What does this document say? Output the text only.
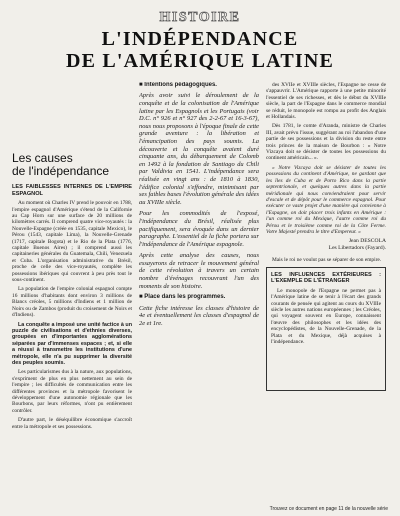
HISTOIRE
L'INDÉPENDANCE
DE L'AMÉRIQUE LATINE
Les causes
de l'indépendance
LES FAIBLESSES INTERNES DE L'EMPIRE ESPAGNOL

Au moment où Charles IV prend le pouvoir en 1788, l'empire espagnol d'Amérique s'étend de la Californie au Cap Horn sur une surface de 20 millions de kilomètres carrés. Il comprend quatre vice-royautés : la Nouvelle-Espagne (créée en 1535, capitale Mexico), le Pérou (1543, capitale Lima), la Nouvelle-Grenade (1717, capitale Bogota) et le Rio de la Plata (1776, capitale Buenos Aires) ; il comprend aussi les capitaineries générales du Guatemala, Chili, Venezuela et Cuba. L'organisation administrative du Brésil, proche de celle des vice-royautés, complète les possessions ibériques qui couvrent à peu près tout le sous-continent.

La population de l'empire colonial espagnol compte 16 millions d'habitants dont environ 3 millions de Blancs créoles, 5 millions d'Indiens et 1 million de Noirs ou de Zambos (produit du croisement de Noirs et d'Indiens).

La conquête a imposé une unité factice à un puzzle de civilisations et d'ethnies diverses, groupées en d'importantes agglomérations séparées par d'immenses espaces ; et, si elle a réussi à transmettre les institutions d'une métropole, elle n'a pu supprimer la diversité des peuples soumis.

Les particularismes dus à la nature, aux populations, s'expriment de plus en plus nettement au sein de l'empire ; les difficultés de communication entre les différentes provinces et la métropole favorisent le développement d'une autonomie régionale que les Bourbons, par leurs réformes, n'ont pu entièrement contrôler.

D'autre part, le déséquilibre économique s'accroît entre la métropole et ses possessions.

■ Intentions pédagogiques.

Après avoir suivi le déroulement de la conquête et de la colonisation de l'Amérique latine par les Espagnols et les Portugais (voir D.C. n° 926 et n° 927 des 2-2-67 et 16-3-67), nous nous proposons à l'époque finale de cette grande aventure : la libération et l'émancipation des pays soumis. La découverte et la conquête avaient duré cinquante ans, du débarquement de Colomb en 1492 à la fondation de Santiago du Chili par Valdivia en 1541. L'indépendance sera réalisée en vingt ans : de 1810 à 1830, l'édifice colonial s'effondre, minimisant par ses faibles bases l'évolution générale des idées au XVIIIe siècle.

Pour les commodités de l'exposé, l'indépendance du Brésil, réalisée plus pacifiquement, sera évoquée dans un dernier paragraphe. L'essentiel de la fiche portera sur l'indépendance de l'Amérique espagnole.

Après cette analyse des causes, nous essayerons de retracer le mouvement général de cette révolution à travers un certain nombre d'événages recouvrant l'un des moments de son histoire.

■ Place dans les programmes.

Cette fiche intéresse les classes d'histoire de 4e et éventuellement les classes d'espagnol de 2e et 1re.

des XVIIe et XVIIIe siècles, l'Espagne ne cesse de s'appauvrir. L'Amérique rapporte à une petite minorité l'essentiel de ses richesses, et dès le début du XVIIIe siècle, la part de l'Espagne dans le commerce mondial se réduit, le monopole est rompu au profit des Anglais et Hollandais.

Dès 1781, le comte d'Aranda, ministre de Charles III, avait prévu l'issue, suggérant au roi l'abandon d'une partie de ses possessions et la division du reste entre trois princes de la maison de Bourbon : « Notre Vizcaya doit se désister de toutes les possessions du continent américain... ».

« Notre Vizcaya doit se désister de toutes les possessions du continent d'Amérique, ne gardant que les îles de Cuba et de Porto Rico dans la partie septentrionale, et quelques autres dans la partie méridionale qui nous conviendraient pour servir d'escale et de dépôt pour le commerce espagnol. Pour exécuter ce vaste projet d'une manière qui convienne à l'Espagne, on doit placer trois infants en Amérique : l'un comme roi du Mexique, l'autre comme roi du Pérou et le troisième comme roi de la Côte Ferme. Votre Majesté prendra le titre d'Empereur. »

Jean DESCOLA
Les Libertadors (Fayard).

Mais le roi ne voulut pas se séparer de son empire.

LES INFLUENCES EXTÉRIEURES : L'EXEMPLE DE L'ÉTRANGER

Le monopole de l'Espagne ne permet pas à l'Amérique latine de se tenir à l'écart des grands courants de pensée qui agitent au cours du XVIIIe siècle les autres nations européennes ; les Créoles, qui voyagent souvent en Europe, connaissent l'œuvre des philosophes et les idées des encyclopédistes, de la Nouvelle-Grenade, de la Plata et du Mexique, déjà acquises à l'indépendance.

Trouvez ce document en page 11 de la nouvelle série
